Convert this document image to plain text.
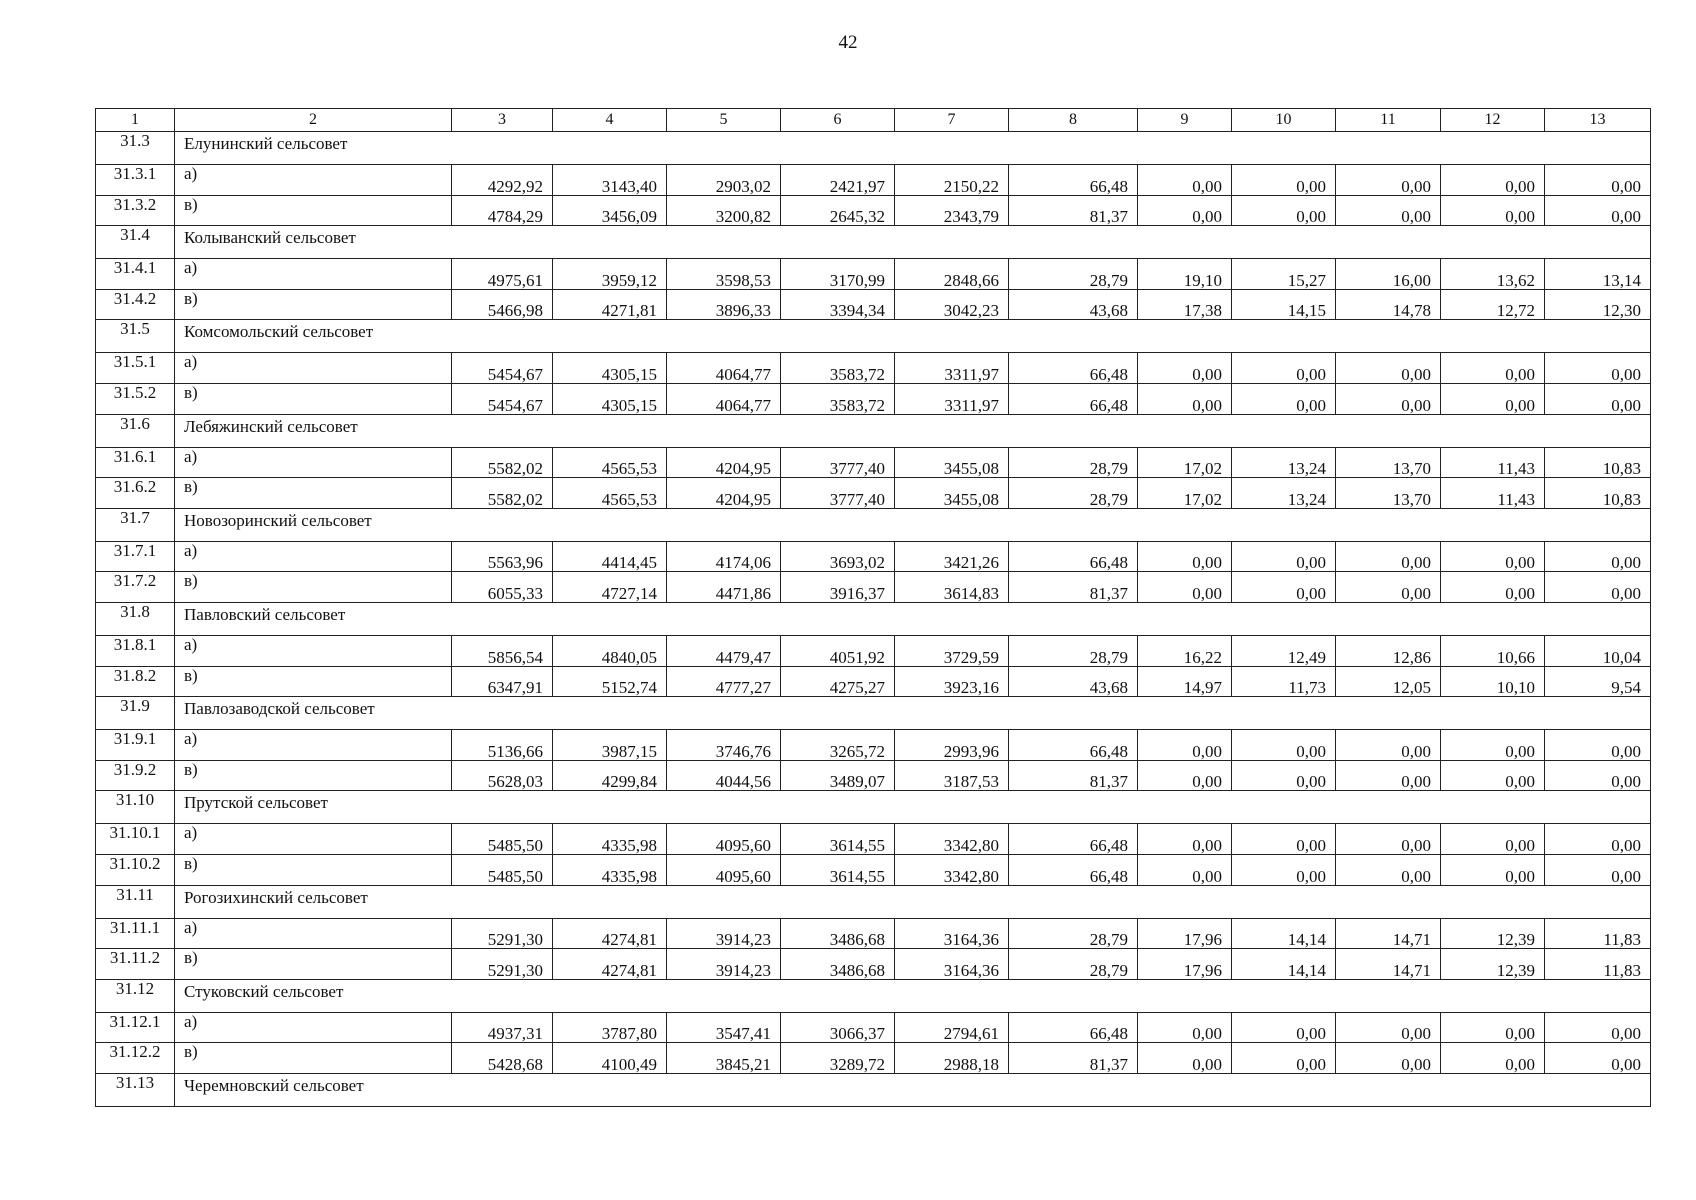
42
1	2	3	4	5	6	7	8	9	10	11	12	13
31.3	Елунинский сельсовет											
31.3.1	а)	4292,92	3143,40	2903,02	2421,97	2150,22	66,48	0,00	0,00	0,00	0,00	0,00
31.3.2	в)	4784,29	3456,09	3200,82	2645,32	2343,79	81,37	0,00	0,00	0,00	0,00	0,00
31.4	Колыванский сельсовет											
31.4.1	а)	4975,61	3959,12	3598,53	3170,99	2848,66	28,79	19,10	15,27	16,00	13,62	13,14
31.4.2	в)	5466,98	4271,81	3896,33	3394,34	3042,23	43,68	17,38	14,15	14,78	12,72	12,30
31.5	Комсомольский сельсовет											
31.5.1	а)	5454,67	4305,15	4064,77	3583,72	3311,97	66,48	0,00	0,00	0,00	0,00	0,00
31.5.2	в)	5454,67	4305,15	4064,77	3583,72	3311,97	66,48	0,00	0,00	0,00	0,00	0,00
31.6	Лебяжинский сельсовет											
31.6.1	а)	5582,02	4565,53	4204,95	3777,40	3455,08	28,79	17,02	13,24	13,70	11,43	10,83
31.6.2	в)	5582,02	4565,53	4204,95	3777,40	3455,08	28,79	17,02	13,24	13,70	11,43	10,83
31.7	Новозоринский сельсовет											
31.7.1	а)	5563,96	4414,45	4174,06	3693,02	3421,26	66,48	0,00	0,00	0,00	0,00	0,00
31.7.2	в)	6055,33	4727,14	4471,86	3916,37	3614,83	81,37	0,00	0,00	0,00	0,00	0,00
31.8	Павловский сельсовет											
31.8.1	а)	5856,54	4840,05	4479,47	4051,92	3729,59	28,79	16,22	12,49	12,86	10,66	10,04
31.8.2	в)	6347,91	5152,74	4777,27	4275,27	3923,16	43,68	14,97	11,73	12,05	10,10	9,54
31.9	Павлозаводской сельсовет											
31.9.1	а)	5136,66	3987,15	3746,76	3265,72	2993,96	66,48	0,00	0,00	0,00	0,00	0,00
31.9.2	в)	5628,03	4299,84	4044,56	3489,07	3187,53	81,37	0,00	0,00	0,00	0,00	0,00
31.10	Прутской сельсовет											
31.10.1	а)	5485,50	4335,98	4095,60	3614,55	3342,80	66,48	0,00	0,00	0,00	0,00	0,00
31.10.2	в)	5485,50	4335,98	4095,60	3614,55	3342,80	66,48	0,00	0,00	0,00	0,00	0,00
31.11	Рогозихинский сельсовет											
31.11.1	а)	5291,30	4274,81	3914,23	3486,68	3164,36	28,79	17,96	14,14	14,71	12,39	11,83
31.11.2	в)	5291,30	4274,81	3914,23	3486,68	3164,36	28,79	17,96	14,14	14,71	12,39	11,83
31.12	Стуковский сельсовет											
31.12.1	а)	4937,31	3787,80	3547,41	3066,37	2794,61	66,48	0,00	0,00	0,00	0,00	0,00
31.12.2	в)	5428,68	4100,49	3845,21	3289,72	2988,18	81,37	0,00	0,00	0,00	0,00	0,00
31.13	Черемновский сельсовет											
